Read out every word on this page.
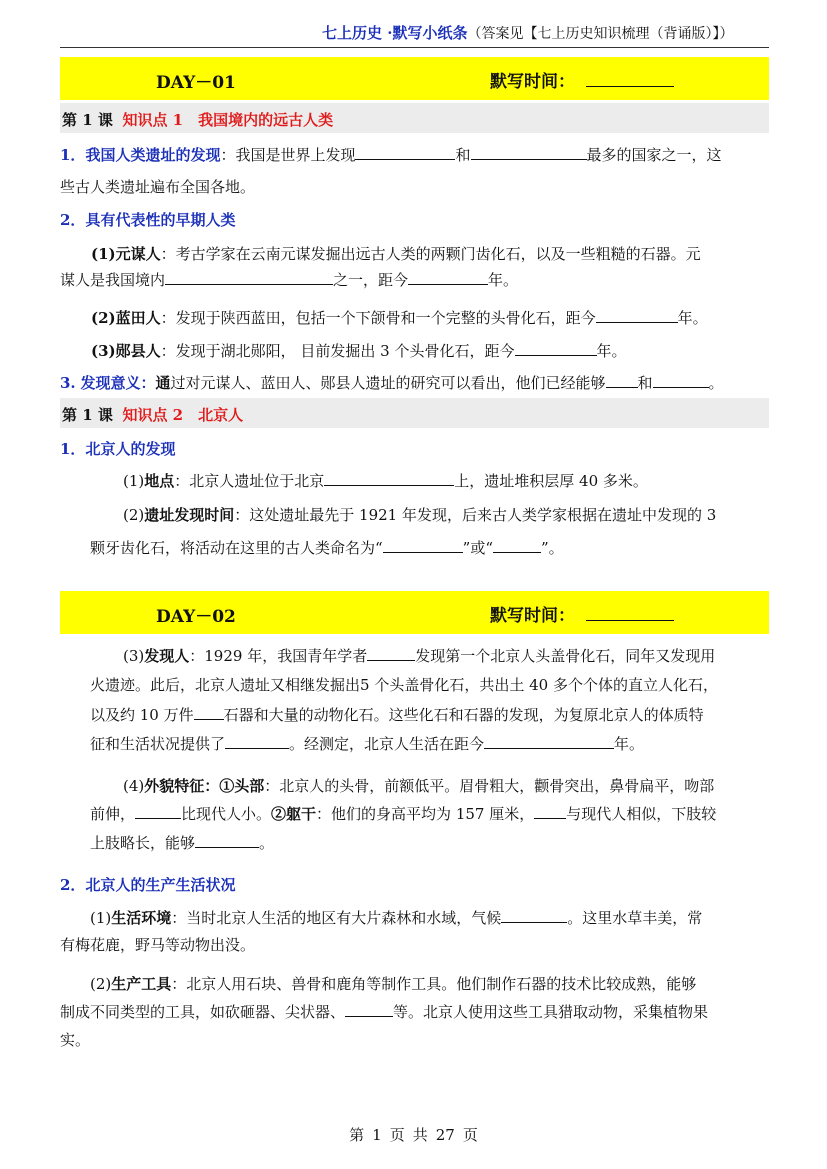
七上历史 ·默写小纸条（答案见【七上历史知识梳理（背诵版）】）
DAY－01	默写时间：
第 1 课 知识点 1　我国境内的远古人类
1．我国人类遗址的发现：我国是世界上发现	和	最多的国家之一，这
些古人类遗址遍布全国各地。
2．具有代表性的早期人类
(1)元谋人：考古学家在云南元谋发掘出远古人类的两颗门齿化石，以及一些粗糙的石器。元
谋人是我国境内	之一，距今	年。
(2)蓝田人：发现于陕西蓝田，包括一个下颌骨和一个完整的头骨化石，距今	年。
(3)郧县人：发现于湖北郧阳， 目前发掘出 3 个头骨化石，距今	年。
3. 发现意义：通过对元谋人、蓝田人、郧县人遗址的研究可以看出，他们已经能够 和	。
第 1 课 知识点 2　北京人
1．北京人的发现
(1)地点：北京人遗址位于北京	上，遗址堆积层厚 40 多米。
(2)遗址发现时间：这处遗址最先于 1921 年发现，后来古人类学家根据在遗址中发现的 3
颗牙齿化石，将活动在这里的古人类命名为“	”或“	”。
DAY－02	默写时间：
(3)发现人：1929 年，我国青年学者	发现第一个北京人头盖骨化石，同年又发现用
火遗迹。此后，北京人遗址又相继发掘出5 个头盖骨化石，共出土 40 多个个体的直立人化石，
以及约 10 万件 石器和大量的动物化石。这些化石和石器的发现，为复原北京人的体质特
征和生活状况提供了	。经测定，北京人生活在距今	年。
(4)外貌特征：①头部：北京人的头骨，前额低平。眉骨粗大，颧骨突出，鼻骨扁平，吻部
前伸，	比现代人小。②躯干：他们的身高平均为 157 厘米， 与现代人相似，下肢较
上肢略长，能够	。
2．北京人的生产生活状况
(1)生活环境：当时北京人生活的地区有大片森林和水域，气候	。这里水草丰美，常
有梅花鹿，野马等动物出没。
(2)生产工具：北京人用石块、兽骨和鹿角等制作工具。他们制作石器的技术比较成熟，能够
制成不同类型的工具，如砍砸器、尖状器、	等。北京人使用这些工具猎取动物，采集植物果
实。
第 1 页 共 27 页
